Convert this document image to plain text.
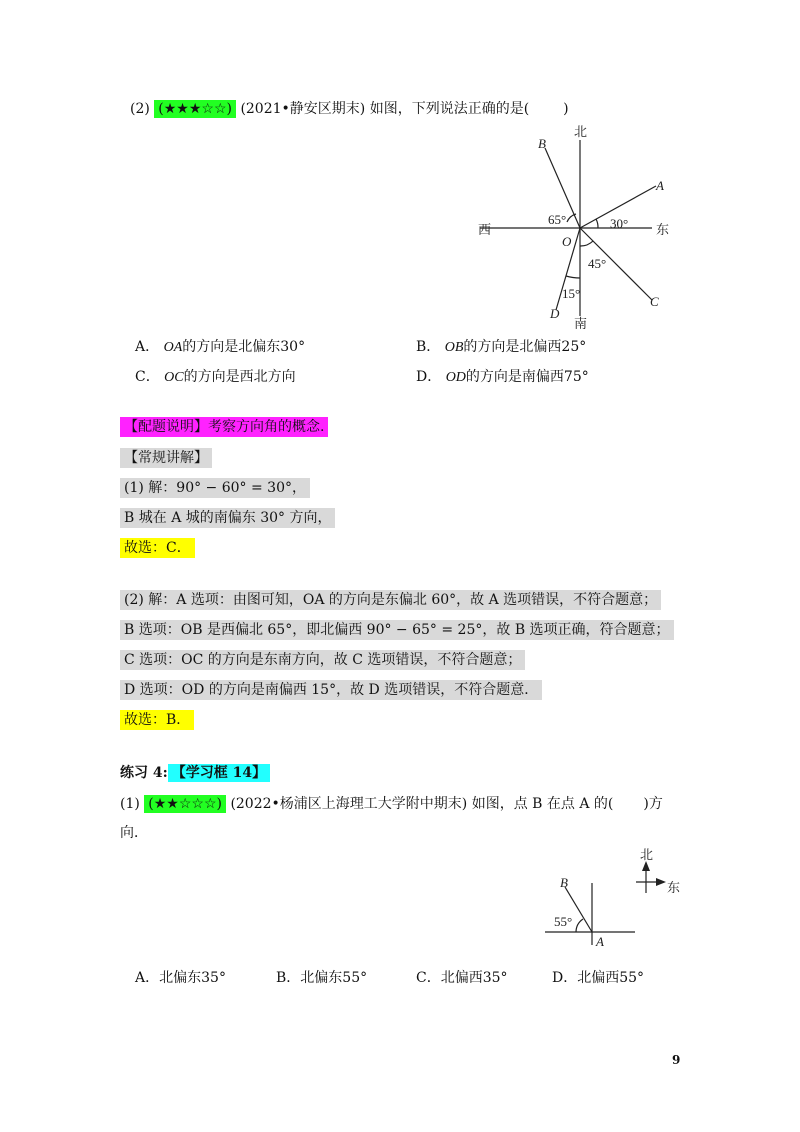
(2) (★★★☆☆) (2021•静安区期末) 如图，下列说法正确的是( )
北
南
西	东
O
A
B
C
D
65°	30°
45°
15°
A． OA的方向是北偏东30°	B． OB的方向是北偏西25°
C． OC的方向是西北方向	D． OD的方向是南偏西75°
【配题说明】考察方向角的概念.
【常规讲解】
(1) 解：90° − 60° = 30°，
B 城在 A 城的南偏东 30° 方向，
故选：C．
(2) 解：A 选项：由图可知，OA 的方向是东偏北 60°，故 A 选项错误，不符合题意；
B 选项：OB 是西偏北 65°，即北偏西 90° − 65° = 25°，故 B 选项正确，符合题意；
C 选项：OC 的方向是东南方向，故 C 选项错误，不符合题意；
D 选项：OD 的方向是南偏西 15°，故 D 选项错误，不符合题意．
故选：B．
练习 4: 【学习框 14】
(1) (★★☆☆☆) (2022•杨浦区上海理工大学附中期末) 如图，点 B 在点 A 的( )方
向．
北
东
B
A
55°
A．北偏东35°	B．北偏东55°	C．北偏西35°	D．北偏西55°
9
